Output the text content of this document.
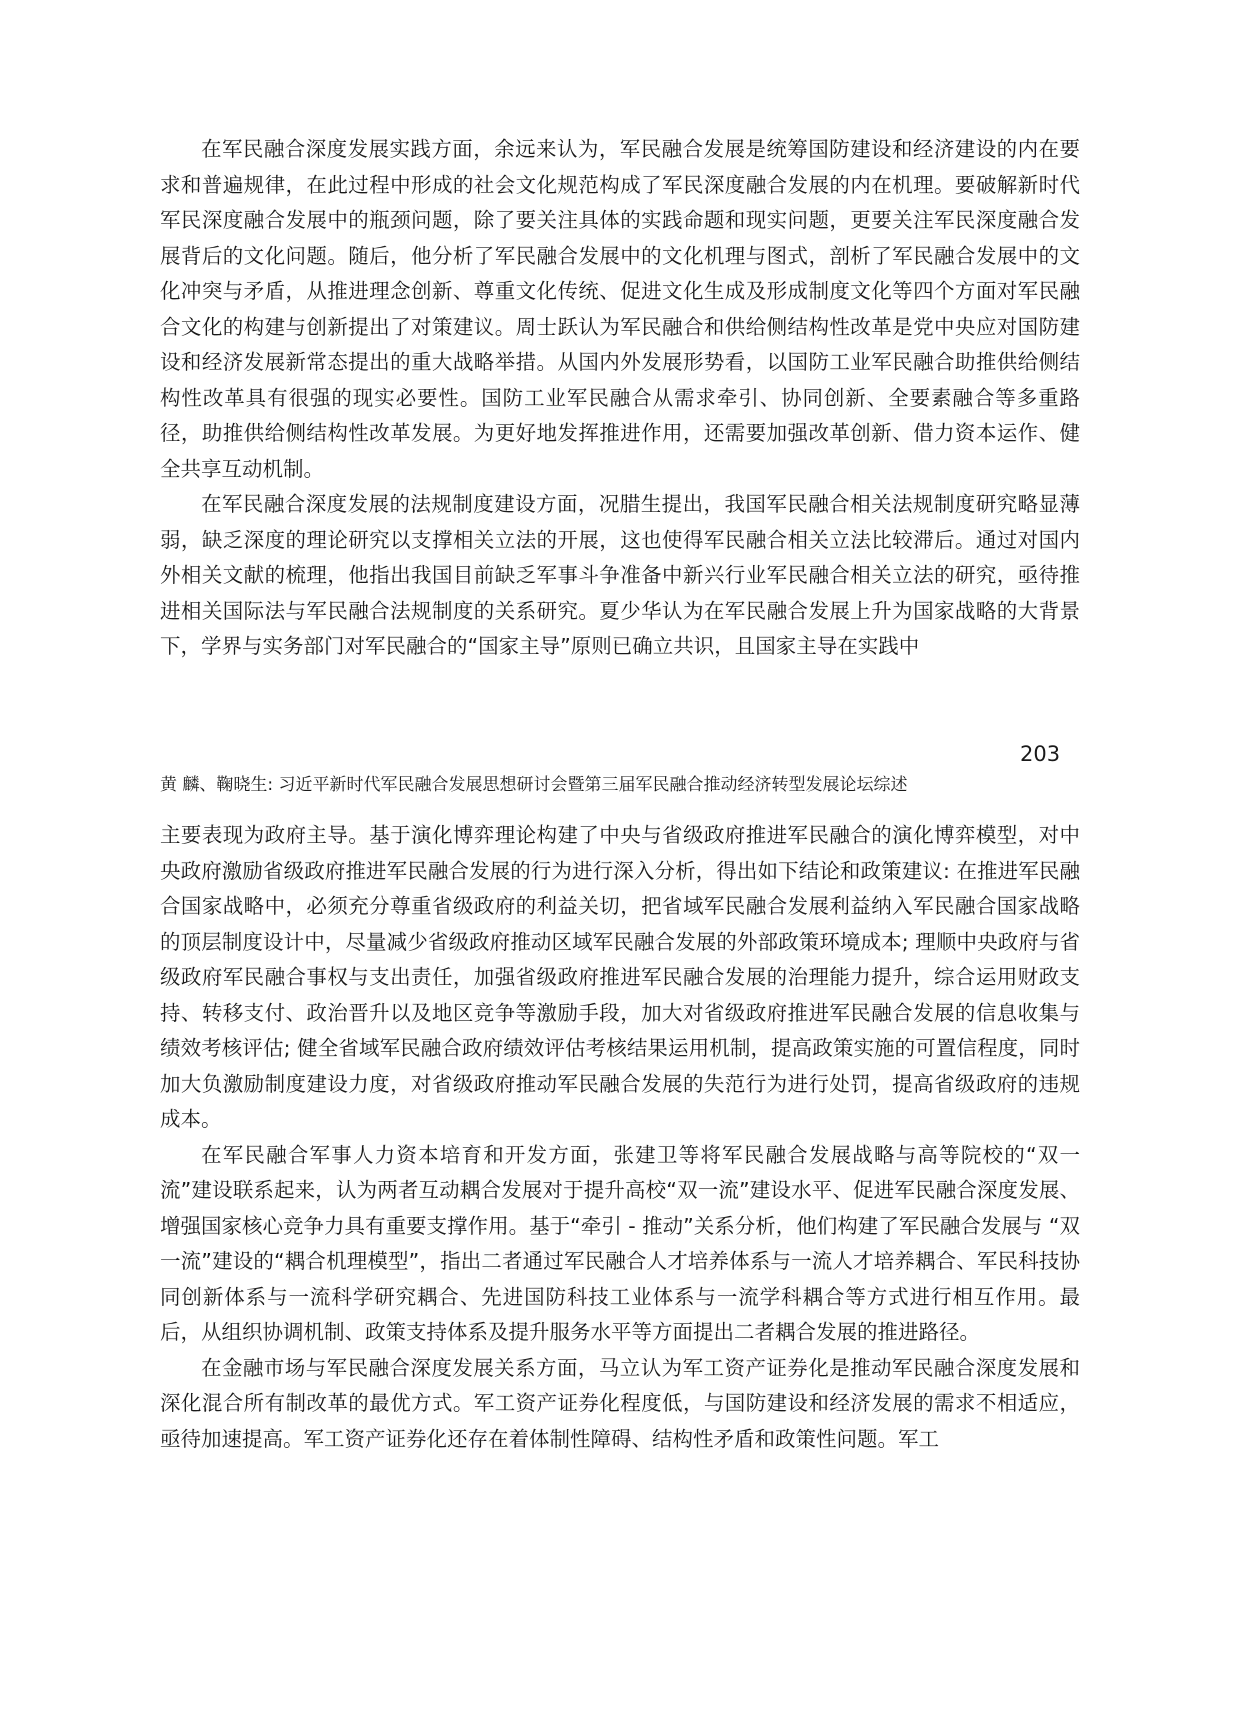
在军民融合深度发展实践方面，余远来认为，军民融合发展是统筹国防建设和经济建设的内在要求和普遍规律，在此过程中形成的社会文化规范构成了军民深度融合发展的内在机理。要破解新时代军民深度融合发展中的瓶颈问题，除了要关注具体的实践命题和现实问题，更要关注军民深度融合发展背后的文化问题。随后，他分析了军民融合发展中的文化机理与图式，剖析了军民融合发展中的文化冲突与矛盾，从推进理念创新、尊重文化传统、促进文化生成及形成制度文化等四个方面对军民融合文化的构建与创新提出了对策建议。周士跃认为军民融合和供给侧结构性改革是党中央应对国防建设和经济发展新常态提出的重大战略举措。从国内外发展形势看，以国防工业军民融合助推供给侧结构性改革具有很强的现实必要性。国防工业军民融合从需求牵引、协同创新、全要素融合等多重路径，助推供给侧结构性改革发展。为更好地发挥推进作用，还需要加强改革创新、借力资本运作、健全共享互动机制。

在军民融合深度发展的法规制度建设方面，况腊生提出，我国军民融合相关法规制度研究略显薄弱，缺乏深度的理论研究以支撑相关立法的开展，这也使得军民融合相关立法比较滞后。通过对国内外相关文献的梳理，他指出我国目前缺乏军事斗争准备中新兴行业军民融合相关立法的研究，亟待推进相关国际法与军民融合法规制度的关系研究。夏少华认为在军民融合发展上升为国家战略的大背景下，学界与实务部门对军民融合的“国家主导”原则已确立共识，且国家主导在实践中

203
黄 麟、鞠晓生: 习近平新时代军民融合发展思想研讨会暨第三届军民融合推动经济转型发展论坛综述

主要表现为政府主导。基于演化博弈理论构建了中央与省级政府推进军民融合的演化博弈模型，对中央政府激励省级政府推进军民融合发展的行为进行深入分析，得出如下结论和政策建议: 在推进军民融合国家战略中，必须充分尊重省级政府的利益关切，把省域军民融合发展利益纳入军民融合国家战略的顶层制度设计中，尽量减少省级政府推动区域军民融合发展的外部政策环境成本; 理顺中央政府与省级政府军民融合事权与支出责任，加强省级政府推进军民融合发展的治理能力提升，综合运用财政支持、转移支付、政治晋升以及地区竞争等激励手段，加大对省级政府推进军民融合发展的信息收集与绩效考核评估; 健全省域军民融合政府绩效评估考核结果运用机制，提高政策实施的可置信程度，同时加大负激励制度建设力度，对省级政府推动军民融合发展的失范行为进行处罚，提高省级政府的违规成本。

在军民融合军事人力资本培育和开发方面，张建卫等将军民融合发展战略与高等院校的“双一流”建设联系起来，认为两者互动耦合发展对于提升高校“双一流”建设水平、促进军民融合深度发展、增强国家核心竞争力具有重要支撑作用。基于“牵引 - 推动”关系分析，他们构建了军民融合发展与 “双一流”建设的“耦合机理模型”，指出二者通过军民融合人才培养体系与一流人才培养耦合、军民科技协同创新体系与一流科学研究耦合、先进国防科技工业体系与一流学科耦合等方式进行相互作用。最后，从组织协调机制、政策支持体系及提升服务水平等方面提出二者耦合发展的推进路径。

在金融市场与军民融合深度发展关系方面，马立认为军工资产证券化是推动军民融合深度发展和深化混合所有制改革的最优方式。军工资产证券化程度低，与国防建设和经济发展的需求不相适应，亟待加速提高。军工资产证券化还存在着体制性障碍、结构性矛盾和政策性问题。军工
